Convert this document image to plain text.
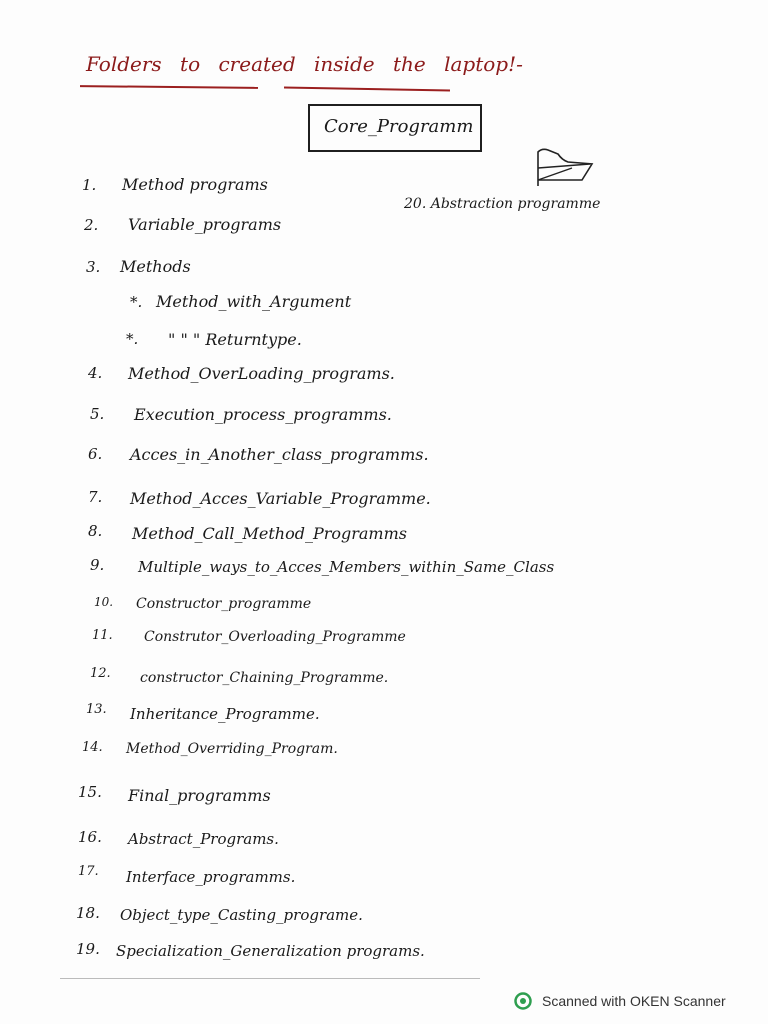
Folders to created inside the laptop!-
Core_Programm
20. Abstraction programme
1. Method programs
2. Variable_programs
3. Methods
*. Method_with_Argument
*. " " " Returntype.
4. Method_OverLoading_programs.
5. Execution_process_programms.
6. Acces_in_Another_class_programms.
7. Method_Acces_Variable_Programme.
8. Method_Call_Method_Programms
9. Multiple_ways_to_Acces_Members_within_Same_Class
10. Constructor_programme
11. Construtor_Overloading_Programme
12. constructor_Chaining_Programme.
13. Inheritance_Programme.
14. Method_Overriding_Program.
15. Final_programms
16. Abstract_Programs.
17. Interface_programms.
18. Object_type_Casting_programe.
19. Specialization_Generalization programs.
Scanned with OKEN Scanner
